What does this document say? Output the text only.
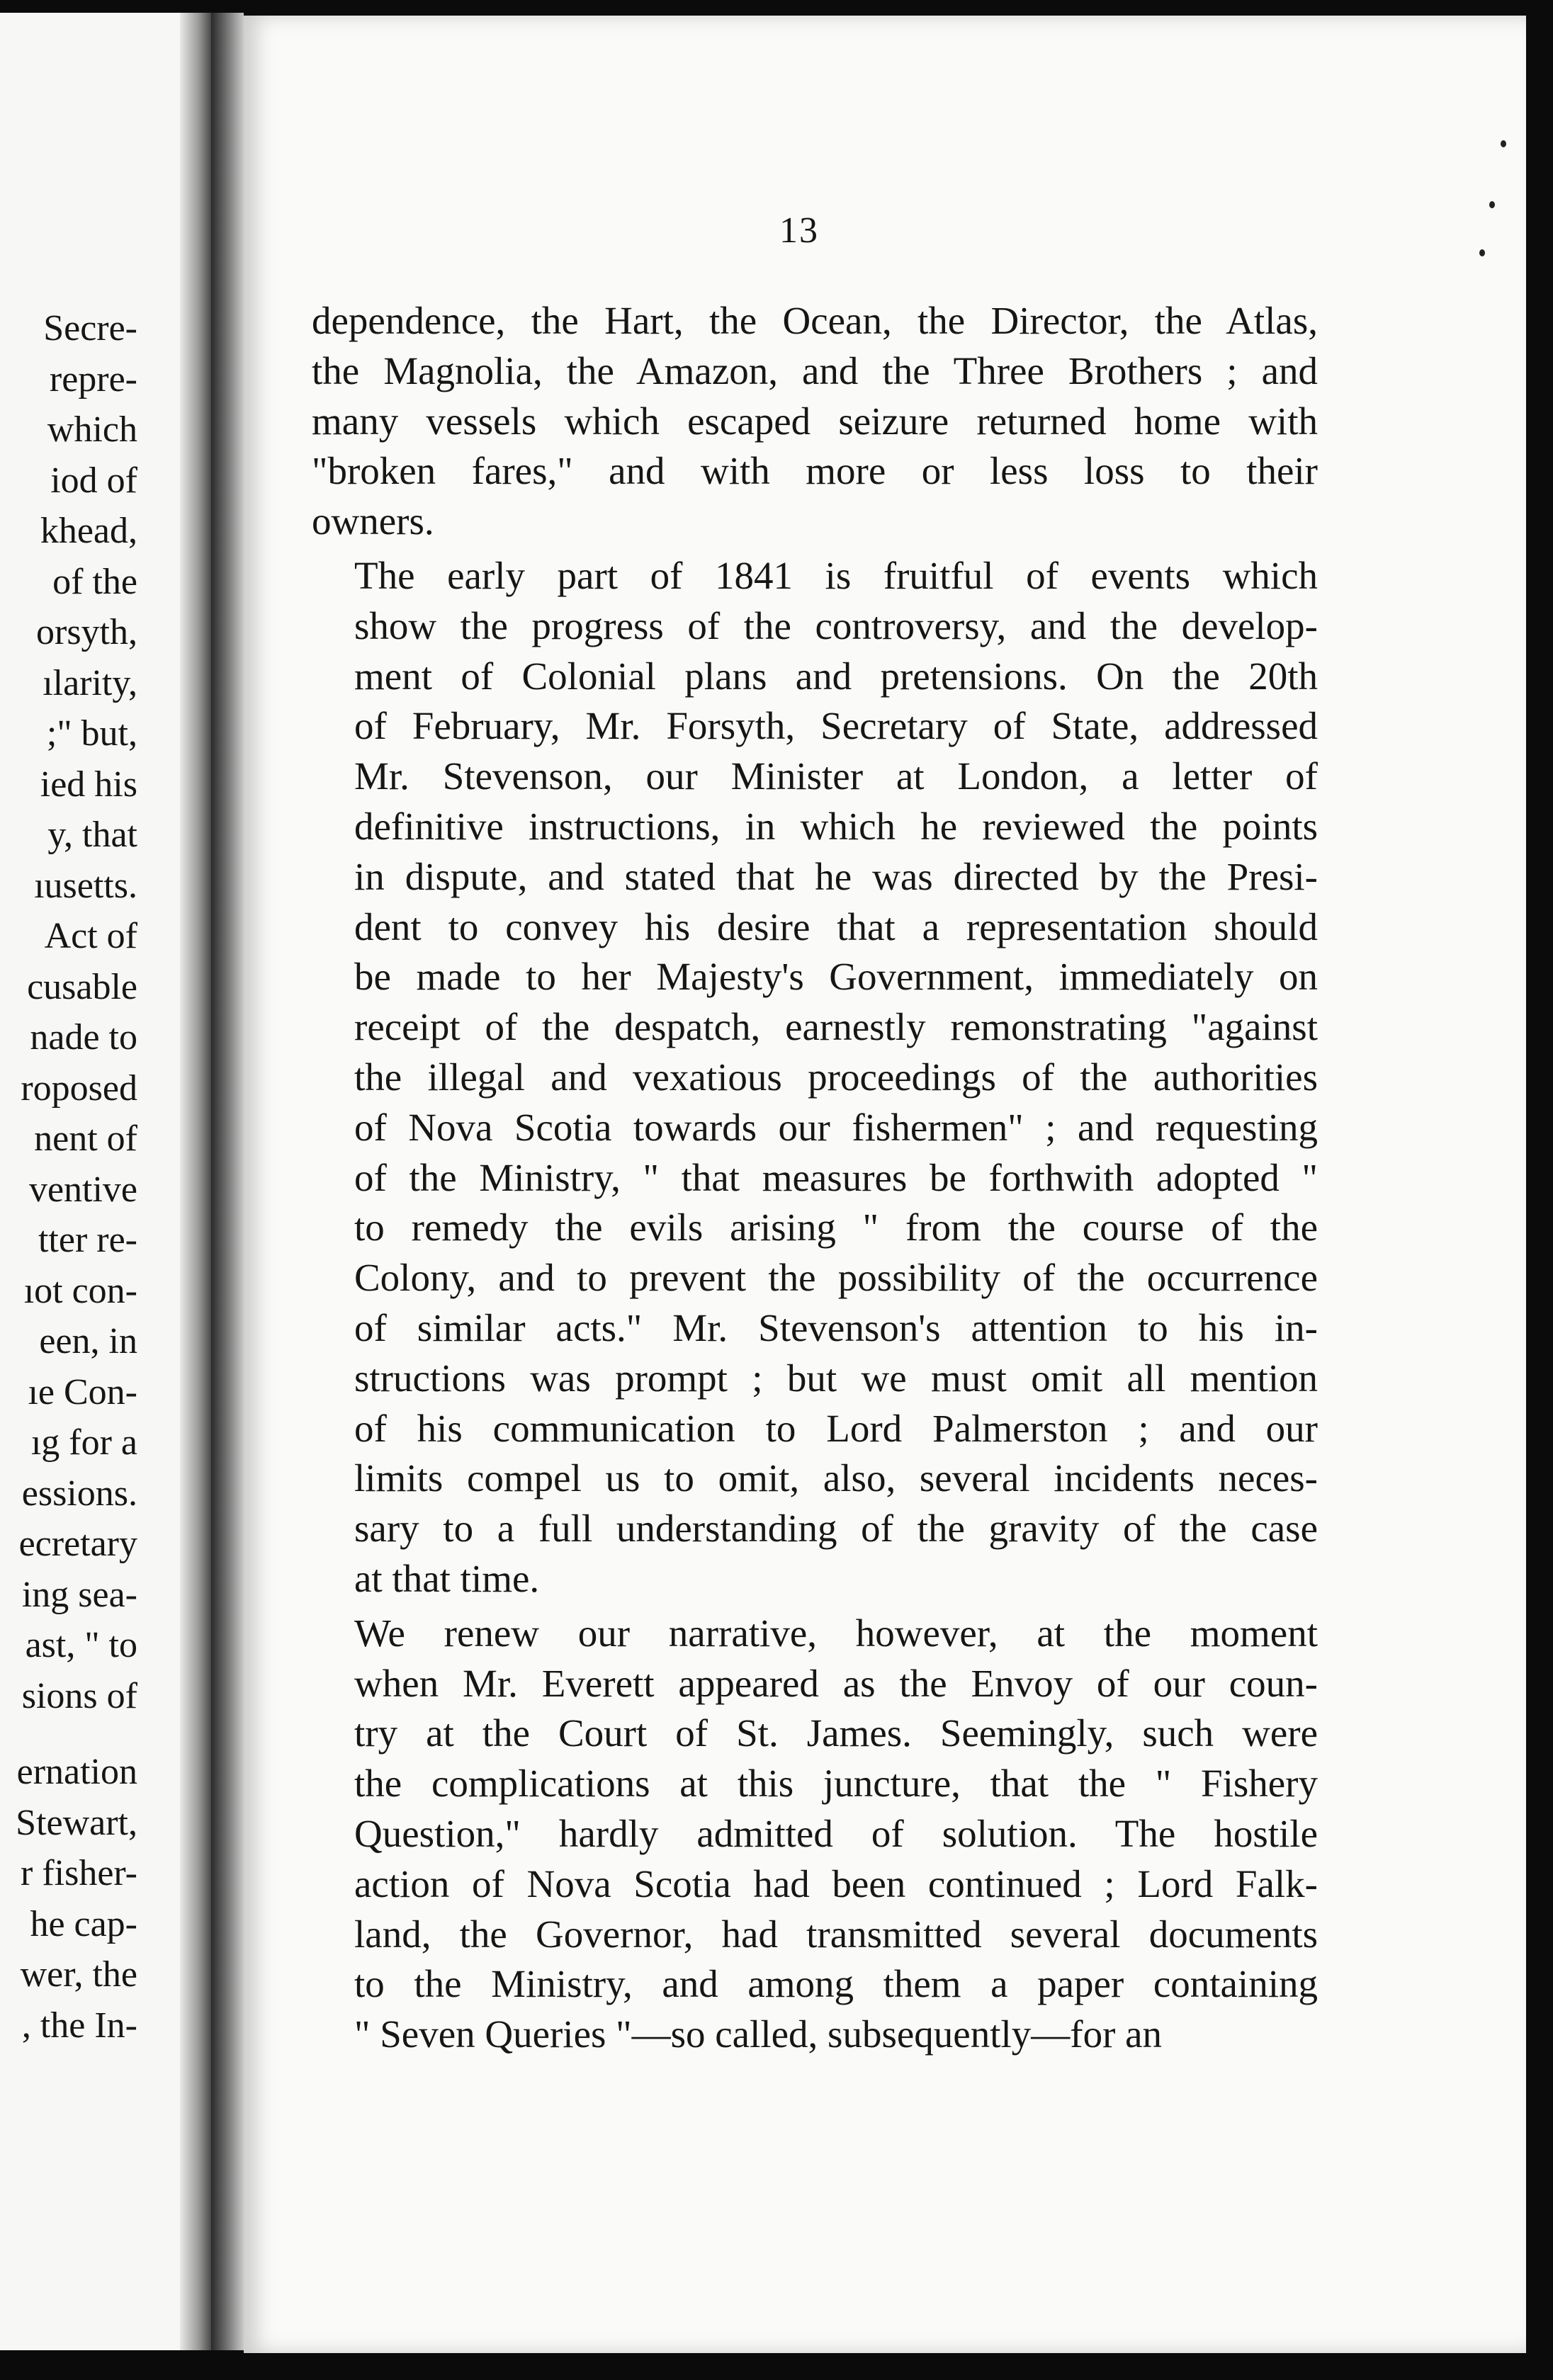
Secre-
repre-
which
iod of
khead,
of the
orsyth,
ılarity,
;" but,
ied his
y, that
ıusetts.
Act of
cusable
nade to
roposed
nent of
ventive
tter re-
ıot con-
een, in
ıe Con-
ıg for a
essions.
ecretary
ing sea-
ast, " to
sions of
ernation
Stewart,
r fisher-
he cap-
wer, the
, the In-
13

dependence, the Hart, the Ocean, the Director, the Atlas,
the Magnolia, the Amazon, and the Three Brothers ; and
many vessels which escaped seizure returned home with
"broken fares," and with more or less loss to their
owners.

The early part of 1841 is fruitful of events which
show the progress of the controversy, and the develop-
ment of Colonial plans and pretensions. On the 20th
of February, Mr. Forsyth, Secretary of State, addressed
Mr. Stevenson, our Minister at London, a letter of
definitive instructions, in which he reviewed the points
in dispute, and stated that he was directed by the Presi-
dent to convey his desire that a representation should
be made to her Majesty's Government, immediately on
receipt of the despatch, earnestly remonstrating "against
the illegal and vexatious proceedings of the authorities
of Nova Scotia towards our fishermen" ; and requesting
of the Ministry, " that measures be forthwith adopted "
to remedy the evils arising " from the course of the
Colony, and to prevent the possibility of the occurrence
of similar acts." Mr. Stevenson's attention to his in-
structions was prompt ; but we must omit all mention
of his communication to Lord Palmerston ; and our
limits compel us to omit, also, several incidents neces-
sary to a full understanding of the gravity of the case
at that time.

We renew our narrative, however, at the moment
when Mr. Everett appeared as the Envoy of our coun-
try at the Court of St. James. Seemingly, such were
the complications at this juncture, that the " Fishery
Question," hardly admitted of solution. The hostile
action of Nova Scotia had been continued ; Lord Falk-
land, the Governor, had transmitted several documents
to the Ministry, and among them a paper containing
" Seven Queries "—so called, subsequently—for an
